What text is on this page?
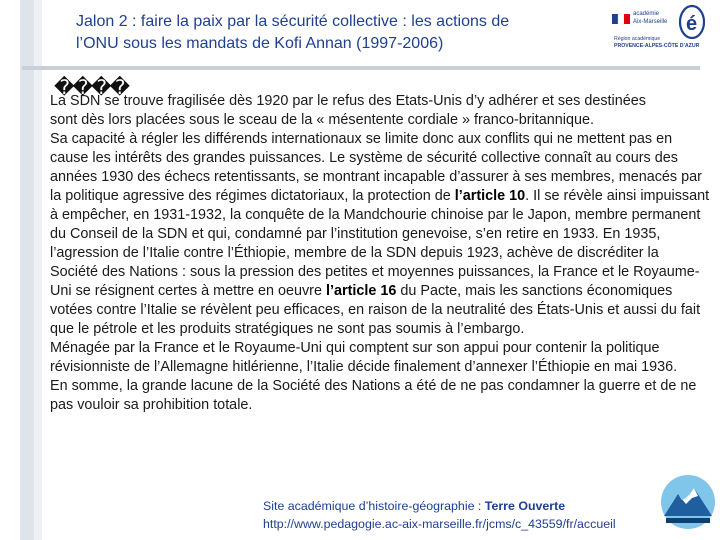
Jalon 2 : faire la paix par la sécurité collective : les actions de
l’ONU sous les mandats de Kofi Annan (1997-2006)
académie
Aix-Marseille é
Région académique
PROVENCE-ALPES-CÔTE D’AZUR
����

La SDN se trouve fragilisée dès 1920 par le refus des Etats-Unis d’y adhérer et ses destinées
sont dès lors placées sous le sceau de la « mésentente cordiale » franco-britannique.

Sa capacité à régler les différends internationaux se limite donc aux conflits qui ne mettent pas en cause les intérêts des grandes puissances. Le système de sécurité collective connaît au cours des années 1930 des échecs retentissants, se montrant incapable d’assurer à ses membres, menacés par la politique agressive des régimes dictatoriaux, la protection de l’article 10. Il se révèle ainsi impuissant à empêcher, en 1931-1932, la conquête de la Mandchourie chinoise par le Japon, membre permanent du Conseil de la SDN et qui, condamné par l’institution genevoise, s’en retire en 1933. En 1935, l’agression de l’Italie contre l’Éthiopie, membre de la SDN depuis 1923, achève de discréditer la Société des Nations : sous la pression des petites et moyennes puissances, la France et le Royaume-Uni se résignent certes à mettre en oeuvre l’article 16 du Pacte, mais les sanctions économiques votées contre l’Italie se révèlent peu efficaces, en raison de la neutralité des États-Unis et aussi du fait que le pétrole et les produits stratégiques ne sont pas soumis à l’embargo.

Ménagée par la France et le Royaume-Uni qui comptent sur son appui pour contenir la politique révisionniste de l’Allemagne hitlérienne, l’Italie décide finalement d’annexer l’Éthiopie en mai 1936.

En somme, la grande lacune de la Société des Nations a été de ne pas condamner la guerre et de ne pas vouloir sa prohibition totale.

Site académique d’histoire-géographie : Terre Ouverte
http://www.pedagogie.ac-aix-marseille.fr/jcms/c_43559/fr/accueil
